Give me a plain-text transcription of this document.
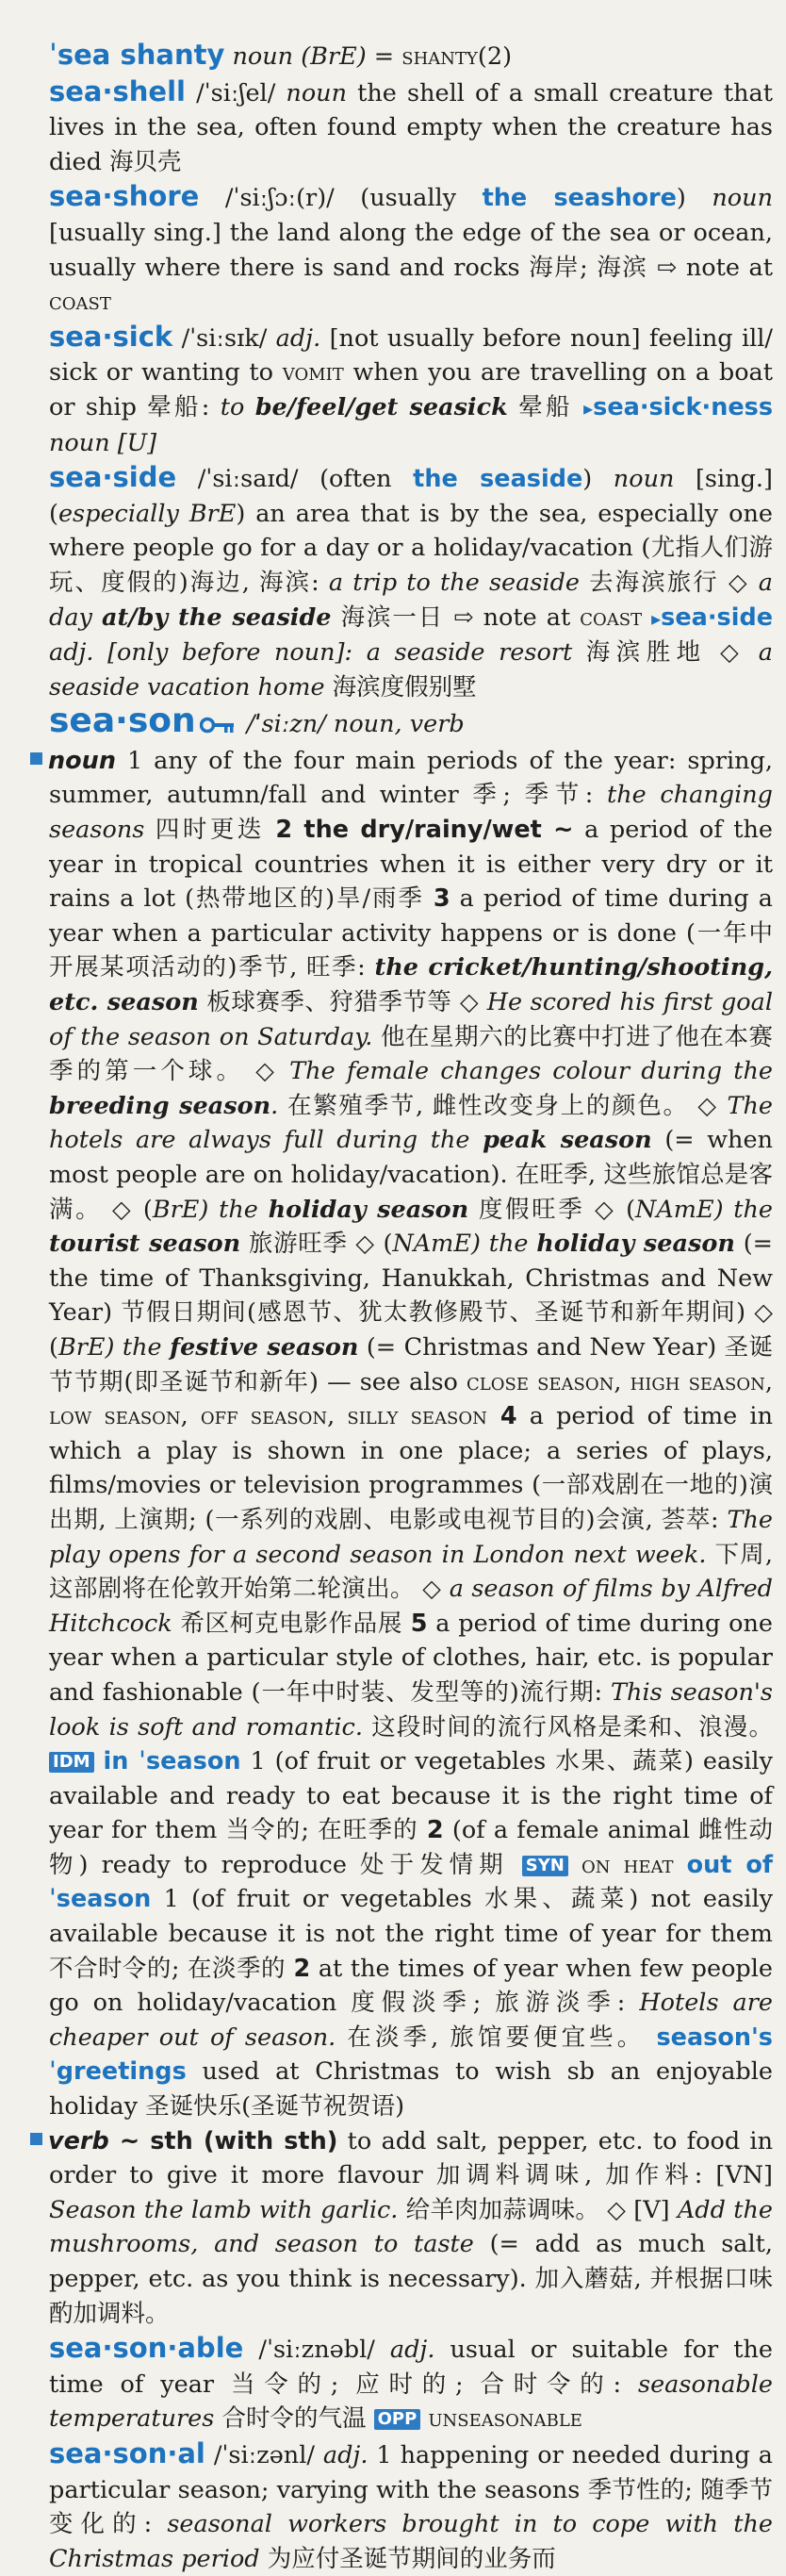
ˈsea shanty noun (BrE) = shanty(2)

sea·shell /ˈsiːʃel/ noun the shell of a small creature that lives in the sea, often found empty when the creature has died 海贝壳

sea·shore /ˈsiːʃɔː(r)/ (usually the seashore) noun [usually sing.] the land along the edge of the sea or ocean, usually where there is sand and rocks 海岸; 海滨 ⇨ note at coast

sea·sick /ˈsiːsɪk/ adj. [not usually before noun] feeling ill/ sick or wanting to vomit when you are travelling on a boat or ship 晕船: to be/feel/get seasick 晕船 ▸sea·sick·ness noun [U]

sea·side /ˈsiːsaɪd/ (often the seaside) noun [sing.] (especially BrE) an area that is by the sea, especially one where people go for a day or a holiday/vacation (尤指人们游玩、度假的)海边, 海滨: a trip to the seaside 去海滨旅行 ◇ a day at/by the seaside 海滨一日 ⇨ note at coast ▸sea·side adj. [only before noun]: a seaside resort 海滨胜地 ◇ a seaside vacation home 海滨度假别墅

sea·son /ˈsiːzn/ noun, verb
noun 1 any of the four main periods of the year: spring, summer, autumn/fall and winter 季; 季节: the changing seasons 四时更迭 2 the dry/rainy/wet ~ a period of the year in tropical countries when it is either very dry or it rains a lot (热带地区的)旱/雨季 3 a period of time during a year when a particular activity happens or is done (一年中开展某项活动的)季节, 旺季: the cricket/hunting/shooting, etc. season 板球赛季、狩猎季节等 ◇ He scored his first goal of the season on Saturday. 他在星期六的比赛中打进了他在本赛季的第一个球。 ◇ The female changes colour during the breeding season. 在繁殖季节, 雌性改变身上的颜色。 ◇ The hotels are always full during the peak season (= when most people are on holiday/vacation). 在旺季, 这些旅馆总是客满。 ◇ (BrE) the holiday season 度假旺季 ◇ (NAmE) the tourist season 旅游旺季 ◇ (NAmE) the holiday season (= the time of Thanksgiving, Hanukkah, Christmas and New Year) 节假日期间(感恩节、犹太教修殿节、圣诞节和新年期间) ◇ (BrE) the festive season (= Christmas and New Year) 圣诞节节期(即圣诞节和新年) — see also close season, high season, low season, off season, silly season 4 a period of time in which a play is shown in one place; a series of plays, films/movies or television programmes (一部戏剧在一地的)演出期, 上演期; (一系列的戏剧、电影或电视节目的)会演, 荟萃: The play opens for a second season in London next week. 下周, 这部剧将在伦敦开始第二轮演出。 ◇ a season of films by Alfred Hitchcock 希区柯克电影作品展 5 a period of time during one year when a particular style of clothes, hair, etc. is popular and fashionable (一年中时装、发型等的)流行期: This season's look is soft and romantic. 这段时间的流行风格是柔和、浪漫。 IDM in ˈseason 1 (of fruit or vegetables 水果、蔬菜) easily available and ready to eat because it is the right time of year for them 当令的; 在旺季的 2 (of a female animal 雌性动物) ready to reproduce 处于发情期 SYN on heat out of ˈseason 1 (of fruit or vegetables 水果、蔬菜) not easily available because it is not the right time of year for them 不合时令的; 在淡季的 2 at the times of year when few people go on holiday/vacation 度假淡季; 旅游淡季: Hotels are cheaper out of season. 在淡季, 旅馆要便宜些。 season's ˈgreetings used at Christmas to wish sb an enjoyable holiday 圣诞快乐(圣诞节祝贺语)
verb ~ sth (with sth) to add salt, pepper, etc. to food in order to give it more flavour 加调料调味, 加作料: [VN] Season the lamb with garlic. 给羊肉加蒜调味。 ◇ [V] Add the mushrooms, and season to taste (= add as much salt, pepper, etc. as you think is necessary). 加入蘑菇, 并根据口味酌加调料。

sea·son·able /ˈsiːznəbl/ adj. usual or suitable for the time of year 当令的; 应时的; 合时令的: seasonable temperatures 合时令的气温 OPP unseasonable

sea·son·al /ˈsiːzənl/ adj. 1 happening or needed during a particular season; varying with the seasons 季节性的; 随季节变化的: seasonal workers brought in to cope with the Christmas period 为应付圣诞节期间的业务而
